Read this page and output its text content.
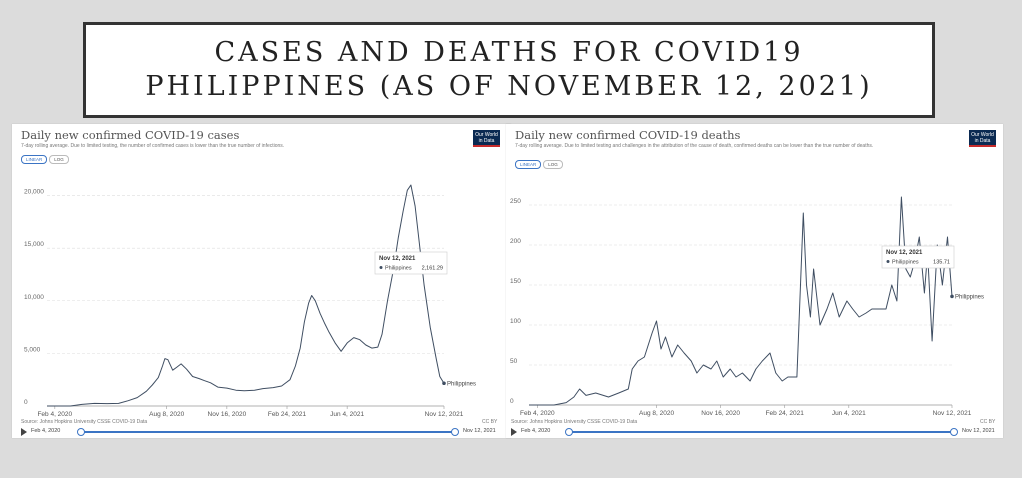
CASES AND DEATHS FOR COVID19
PHILIPPINES (AS OF NOVEMBER 12, 2021)
Daily new confirmed COVID-19 cases
7-day rolling average. Due to limited testing, the number of confirmed cases is lower than the true number of infections.
Our World
in Data
LINEAR	LOG
0
5,000
10,000
15,000
20,000
Feb 4, 2020	Aug 8, 2020	Nov 16, 2020	Feb 24, 2021	Jun 4, 2021	Nov 12, 2021
Philippines
Nov 12, 2021
Philippines 2,161.29
Source: Johns Hopkins University CSSE COVID-19 Data	CC BY
Feb 4, 2020	Nov 12, 2021
Daily new confirmed COVID-19 deaths
7-day rolling average. Due to limited testing and challenges in the attribution of the cause of death, confirmed deaths can be lower than the true number of deaths.
Our World
in Data
LINEAR	LOG
0
50
100
150
200
250
Feb 4, 2020	Aug 8, 2020	Nov 16, 2020	Feb 24, 2021	Jun 4, 2021	Nov 12, 2021
Philippines
Nov 12, 2021
Philippines	135.71
Source: Johns Hopkins University CSSE COVID-19 Data	CC BY
Feb 4, 2020	Nov 12, 2021
